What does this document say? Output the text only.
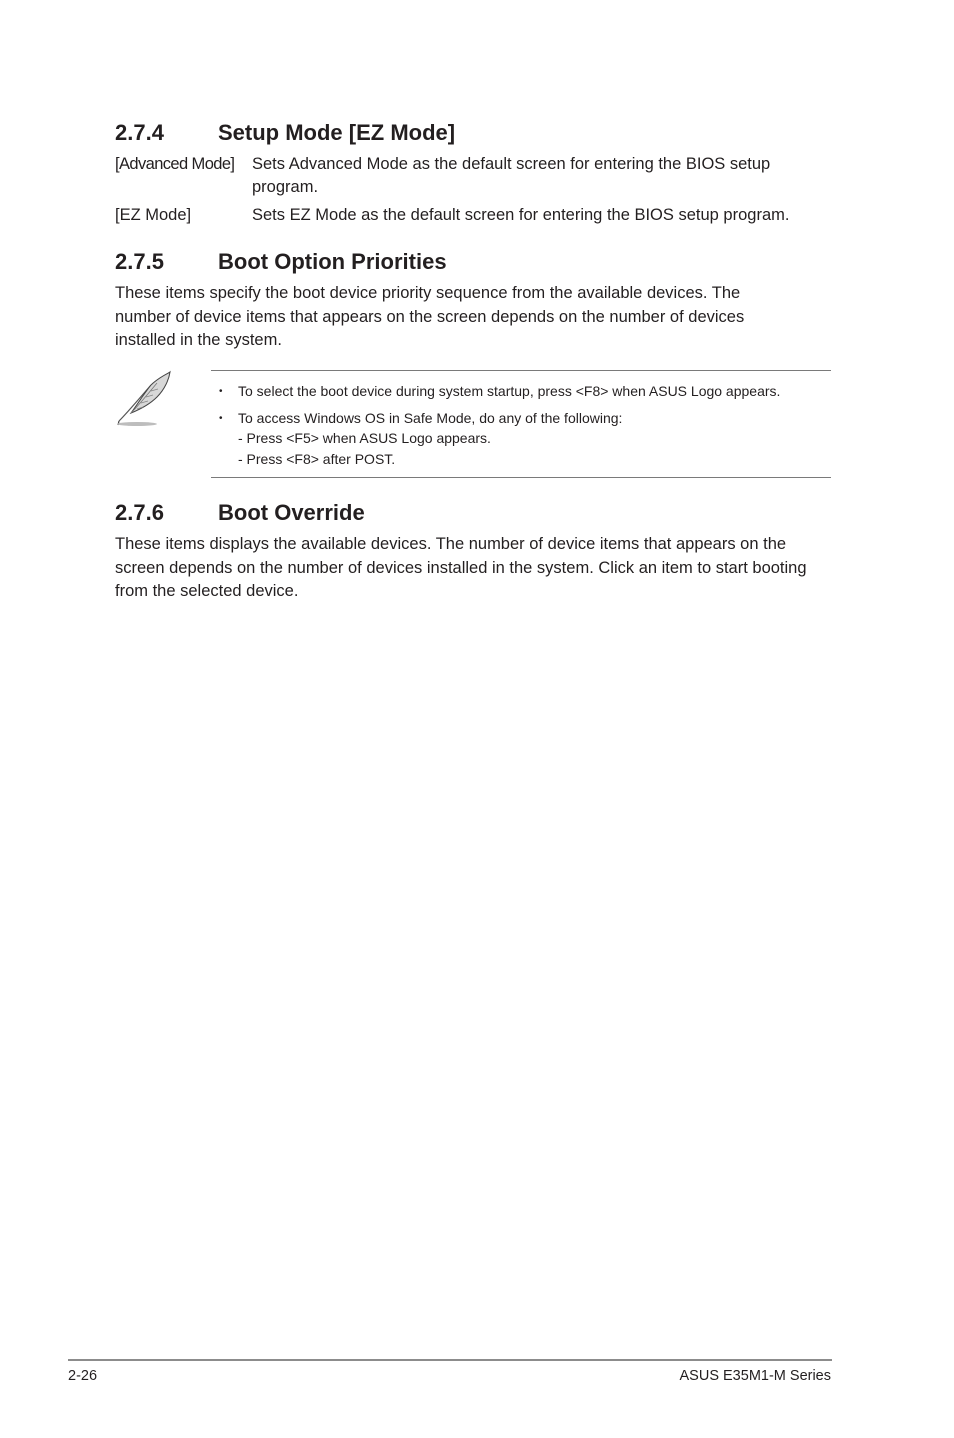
2.7.4 Setup Mode [EZ Mode]
[Advanced Mode] Sets Advanced Mode as the default screen for entering the BIOS setup program.
[EZ Mode]	Sets EZ Mode as the default screen for entering the BIOS setup program.
2.7.5 Boot Option Priorities
These items specify the boot device priority sequence from the available devices. The number of device items that appears on the screen depends on the number of devices installed in the system.
• To select the boot device during system startup, press <F8> when ASUS Logo appears.
• To access Windows OS in Safe Mode, do any of the following:
- Press <F5> when ASUS Logo appears.
- Press <F8> after POST.
2.7.6 Boot Override
These items displays the available devices. The number of device items that appears on the screen depends on the number of devices installed in the system. Click an item to start booting from the selected device.
2-26	ASUS E35M1-M Series
